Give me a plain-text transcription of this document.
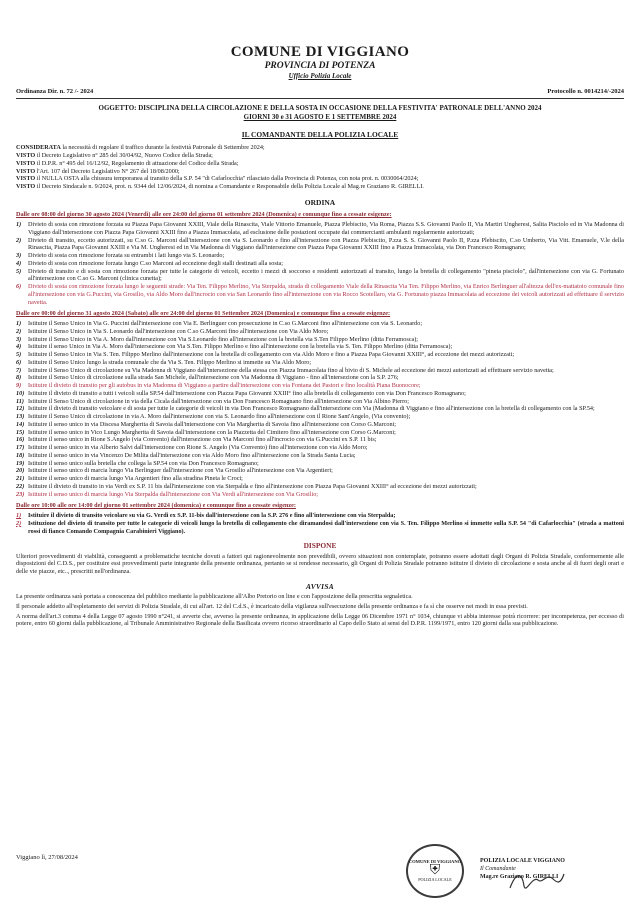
COMUNE DI VIGGIANO
PROVINCIA DI POTENZA
Ufficio Polizia Locale
Ordinanza Dir. n. 72 /- 2024	Protocollo n. 0014214/-2024
OGGETTO: DISCIPLINA DELLA CIRCOLAZIONE E DELLA SOSTA IN OCCASIONE DELLA FESTIVITA' PATRONALE DELL'ANNO 2024
GIORNI 30 e 31 AGOSTO E 1 SETTEMBRE 2024
IL COMANDANTE DELLA POLIZIA LOCALE

CONSIDERATA la necessità di regolare il traffico durante la festività Patronale di Settembre 2024;

VISTO il Decreto Legislativo n° 285 del 30/04/92, Nuovo Codice della Strada;

VISTO il D.P.R. n° 495 del 16/12/92, Regolamento di attuazione del Codice della Strada;

VISTO l'Art. 107 del Decreto Legislativo N° 267 del 18/08/2000;

VISTO il NULLA OSTA alla chiusura temporanea al transito della S.P. 54 "di Cafarlocchia" rilasciato dalla Provincia di Potenza, con nota prot. n. 0030064/2024;

VISTO il Decreto Sindacale n. 9/2024, prot. n. 9344 del 12/06/2024, di nomina a Comandante e Responsabile della Polizia Locale al Mag.re Graziano R. GIRELLI.

ORDINA
Dalle ore 08:00 del giorno 30 agosto 2024 (Venerdì) alle ore 24:00 del giorno 01 settembre 2024 (Domenica) e comunque fino a cessate esigenze:
1)	Divieto di sosta con rimozione forzata su Piazza Papa Giovanni XXIII, Viale della Rinascita, Viale Vittorio Emanuele, Piazza Plebiscito, Via Roma, Piazza S.S. Giovanni Paolo II, Via Martiri Ungheresi, Salita Pisciolo ed in Via Madonna di Viggiano dall'intersezione con Piazza Papa Giovanni XXIII fino a Piazza Immacolata, ad esclusione delle postazioni occupate dai commercianti ambulanti regolarmente autorizzati;
2)	Divieto di transito, eccetto autorizzati, su C.so G. Marconi dall'intersezione con via S. Leonardo e fino all'intersezione con Piazza Plebiscito, P.zza S. S. Giovanni Paolo II, P.zza Plebiscito, C.so Umberto, Via Vitt. Emanuele, V.le della Rinascita, Piazza Papa Giovanni XXIII e Via M. Ungheresi ed in Via Madonna di Viggiano dall'intersezione con Piazza Papa Giovanni XXIII fino a Piazza Immacolata, via Don Francesco Romagnano;
3)	Divieto di sosta con rimozione forzata su entrambi i lati lungo via S. Leonardo;
4)	Divieto di sosta con rimozione forzata lungo C.so Marconi ad eccezione degli stalli destinati alla sosta;
5)	Divieto di transito e di sosta con rimozione forzata per tutte le categorie di veicoli, eccetto i mezzi di soccorso e residenti autorizzati al transito, lungo la bretella di collegamento "pineta pisciolo", dall'intersezione con via G. Fortunato all'intersezione con C.so G. Marconi (clinica cunetta);
6)	Divieto di sosta con rimozione forzata lungo le seguenti strade: Via Ten. Filippo Merlino, Via Sterpalda, strada di collegamento Viale della Rinascita Via Ten. Filippo Merlino, via Enrico Berlinguer all'altezza dell'ex-mattatoio comunale fino all'intersezione con via G.Puccini, via Grosilio, via Aldo Moro dall'incrocio con via San Leonardo fino all'intersezione con via Rocco Scotellaro, via G. Fortunato piazza Immacolata ad eccezione dei veicoli autorizzati ad effettuare il servizio navetta.
Dalle ore 00:00 del giorno 31 agosto 2024 (Sabato) alle ore 24:00 del giorno 01 Settembre 2024 (Domenica) e comunque fino a cessate esigenze:
1)	Istituire il Senso Unico in Via G. Puccini dall'intersezione con Via E. Berlinguer con prosecuzione in C.so G.Marconi fino all'intersezione con via S. Leonardo;
2)	Istituire il Senso Unico in Via S. Leonardo dall'intersezione con C.so G.Marconi fino all'intersezione con Via Aldo Moro;
3)	Istituire il Senso Unico in Via A. Moro dall'intersezione con Via S.Leonardo fino all'intersezione con la bretella via S.Ten Filippo Merlino (ditta Ferramosca);
4)	Istituire il senso Unico in Via A. Moro dall'intersezione con Via S.Ten. Filippo Merlino e fino all'intersezione con la bretella via S. Ten. Filippo Merlino (ditta Ferramosca);
5)	Istituire il Senso Unico in Via S. Ten. Filippo Merlino dall'intersezione con la bretella di collegamento con via Aldo Moro e fino a Piazza Papa Giovanni XXIII°, ad eccezione dei mezzi autorizzati;
6)	Istituire il Senso Unico lungo la strada comunale che da Via S. Ten. Filippo Merlino si immette su Via Aldo Moro;
7)	Istituire il Senso Unico di circolazione su Via Madonna di Viggiano dall'intersezione della stessa con Piazza Immacolata fino al bivio di S. Michele ad eccezione dei mezzi autorizzati ad effettuare servizio navetta;
8)	Istituire il Senso Unico di circolazione sulla strada San Michele, dall'intersezione con Via Madonna di Viggiano - fino all'intersezione con la S.P. 276;
9)	Istituire il divieto di transito per gli autobus in via Madonna di Viggiano a partire dall'intersezione con via Fontana dei Pastori e fino località Piana Buonocore;
10) Istituire il divieto di transito a tutti i veicoli sulla SP.54 dall'intersezione con Piazza Papa Giovanni XXIII° fino alla bretella di collegamento con via Don Francesco Romagnano;
11) Istituire il Senso Unico di circolazione in via della Cicala dall'intersezione con via Don Francesco Romagnano fino all'intersezione con Via Albino Pierro;
12) Istituire il divieto di transito veicolare e di sosta per tutte le categorie di veicoli in via Don Francesco Romagnano dall'intersezione con Via (Madonna di Viggiano e fino all'intersezione con la bretella di collegamento con la SP.54;
13) Istituire il Senso Unico di circolazione in via A. Moro dall'intersezione con via S. Leonardo fino all'intersezione con il Rione Sant'Angelo, (Via convento);
14) Istituire il senso unico in via Discesa Margherita di Savoia dall'intersezione con Via Margherita di Savoia fino all'intersezione con Corso G.Marconi;
15) Istituire il senso unico in Vico Lungo Margherita di Savoia dall'intersezione con la Piazzetta del Cimitero fino all'intersezione con Corso G.Marconi;
16) Istituire il senso unico in Rione S.Angelo (via Convento) dall'intersezione con Via Marconi fino all'incrocio con via G.Puccini ex S.P. 11 bis;
17) Istituire il senso unico in via Alberto Salvi dall'intersezione con Rione S. Angelo (Via Convento) fino all'intersezione con via Aldo Moro;
18) Istituire il senso unico in via Vincenzo De Milita dall'intersezione con via Aldo Moro fino all'intersezione con la Strada Santa Lucia;
19) Istituire il senso unico sulla bretella che collega la SP.54 con via Don Francesco Romagnano;
20) Istituire il senso unico di marcia lungo Via Berlinguer dall'intersezione con Via Grosilio all'intersezione con Via Argentieri;
21) Istituire il senso unico di marcia lungo Via Argentieri fino alla stradina Pineta le Croci;
22) Istituire il divieto di transito in via Verdi ex S.P. 11 bis dall'intersezione con via Sterpalda e fino all'intersezione con Piazza Papa Giovanni XXIII° ad eccezione dei mezzi autorizzati;
23) Istituire il senso unico di marcia lungo Via Sterpalda dall'intersezione con Via Verdi all'intersezione con Via Grosilio;
Dalle ore 10:00 alle ore 14:00 del giorno 01 settembre 2024 (domenica) e comunque fino a cessate esigenze:
1)	Istituire il divieto di transito veicolare su via G. Verdi ex S.P. 11-bis dall'intersezione con la S.P. 276 e fino all'intersezione con via Sterpalda;
2)	Istituzione del divieto di transito per tutte le categorie di veicoli lungo la bretella di collegamento che diramandosi dall'intersezione con via S. Ten. Filippo Merlino si immette sulla S.P. 54 "di Cafarlocchia" (strada a mattoni rossi di fianco Comando Compagnia Carabinieri Viggiano).
DISPONE

Ulteriori provvedimenti di viabilità, conseguenti a problematiche tecniche dovuti a fattori qui ragionevolmente non prevedibili, ovvero situazioni non contemplate, potranno essere adottati dagli Organi di Polizia Stradale, conformemente alle disposizioni del C.D.S., per costituire essi provvedimenti parte integrante della presente ordinanza, pertanto se si rendesse necessario, gli Organi di Polizia Stradale potranno istituire il divieto di circolazione e sosta anche al di fuori degli orari e delle vie piazze, etc.., prescritti nell'ordinanza.

AVVISA

La presente ordinanza sarà portata a conoscenza del pubblico mediante la pubblicazione all'Albo Pretorio on line e con l'apposizione della prescritta segnaletica.

Il personale addetto all'espletamento dei servizi di Polizia Stradale, di cui all'art. 12 del C.d.S., è incaricato della vigilanza sull'esecuzione della presente ordinanza e fa sì che osserve nei modi in essa previsti.

A norma dell'art.3 comma 4 della Legge 07 agosto 1990 n°241, si avverte che, avverso la presente ordinanza, in applicazione della Legge 06 Dicembre 1971 n° 1034, chiunque vi abbia interesse potrà ricorrere: per incompetenza, per eccesso di potere, entro 60 giorni dalla pubblicazione, al Tribunale Amministrativo Regionale della Basilicata ovvero ricorso straordinario al Capo dello Stato ai sensi del D.P.R. 1199/1971, entro 120 giorni dalla sua pubblicazione.

Viggiano lì, 27/08/2024
COMUNE DI VIGGIANO
⛨
POLIZIA LOCALE
POLIZIA LOCALE VIGGIANO
Il Comandante
Mag.re Graziano R. GIRELLI
